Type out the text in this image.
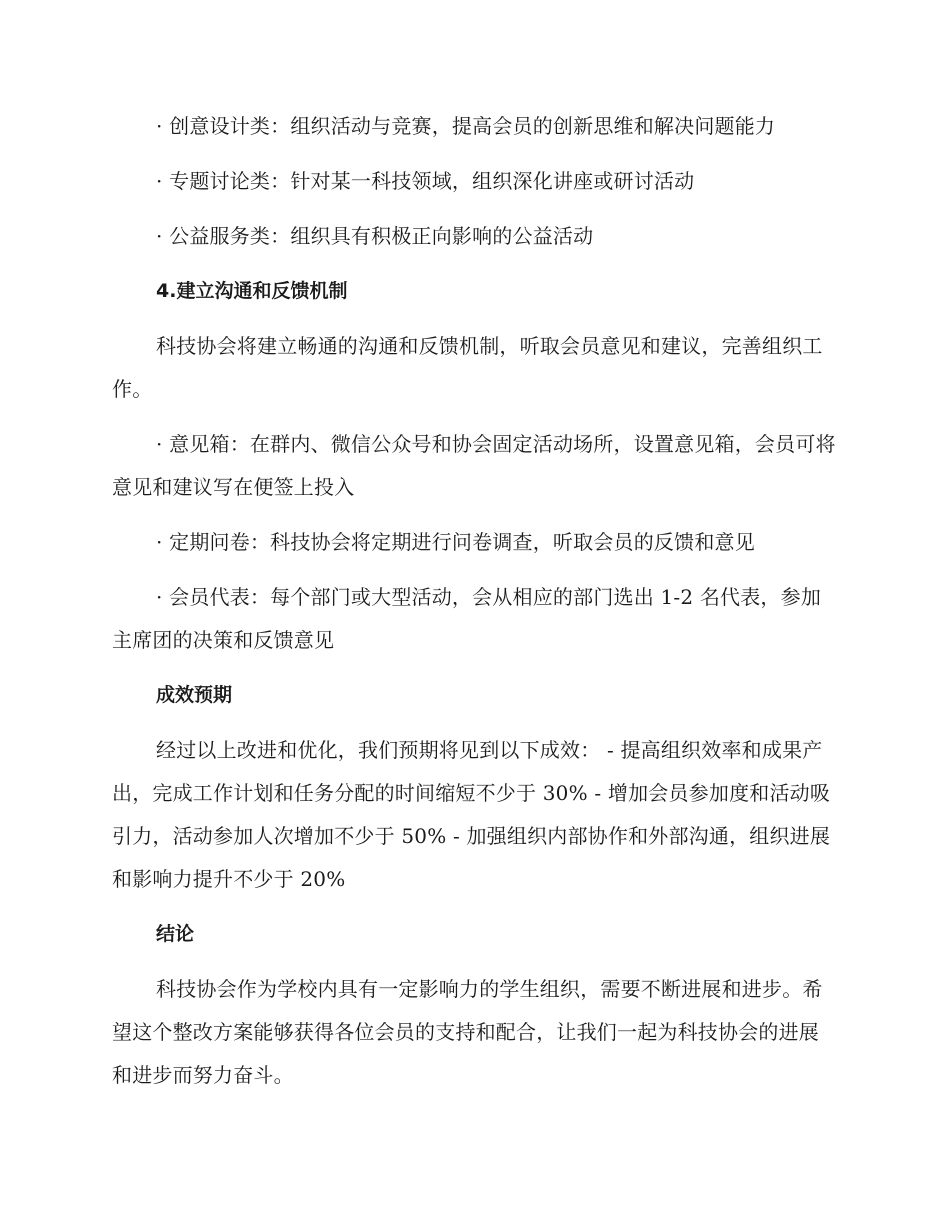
· 创意设计类：组织活动与竞赛，提高会员的创新思维和解决问题能力

· 专题讨论类：针对某一科技领域，组织深化讲座或研讨活动

· 公益服务类：组织具有积极正向影响的公益活动

4.建立沟通和反馈机制

科技协会将建立畅通的沟通和反馈机制，听取会员意见和建议，完善组织工作。

· 意见箱：在群内、微信公众号和协会固定活动场所，设置意见箱，会员可将意见和建议写在便签上投入

· 定期问卷：科技协会将定期进行问卷调查，听取会员的反馈和意见

· 会员代表：每个部门或大型活动，会从相应的部门选出 1-2 名代表，参加主席团的决策和反馈意见

成效预期

经过以上改进和优化，我们预期将见到以下成效： - 提高组织效率和成果产出，完成工作计划和任务分配的时间缩短不少于 30% - 增加会员参加度和活动吸引力，活动参加人次增加不少于 50% - 加强组织内部协作和外部沟通，组织进展和影响力提升不少于 20%

结论

科技协会作为学校内具有一定影响力的学生组织，需要不断进展和进步。希望这个整改方案能够获得各位会员的支持和配合，让我们一起为科技协会的进展和进步而努力奋斗。
